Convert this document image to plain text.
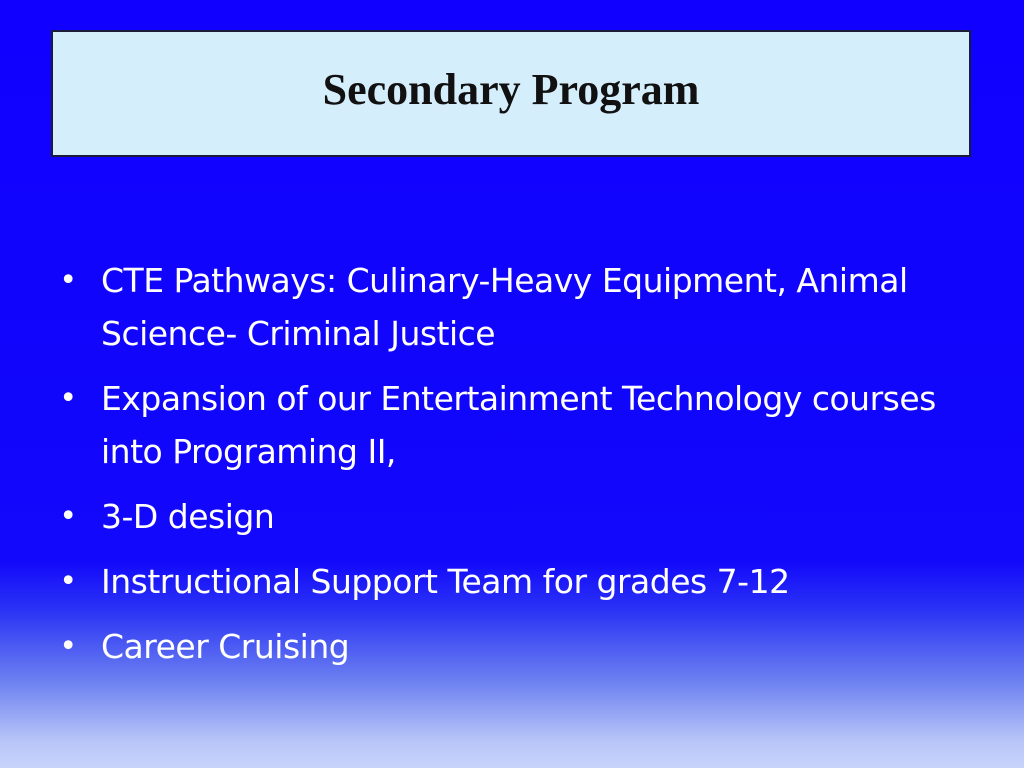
Secondary Program
• CTE Pathways: Culinary-Heavy Equipment, Animal Science- Criminal Justice
• Expansion of our Entertainment Technology courses into Programing II,
• 3-D design
• Instructional Support Team for grades 7-12
• Career Cruising
